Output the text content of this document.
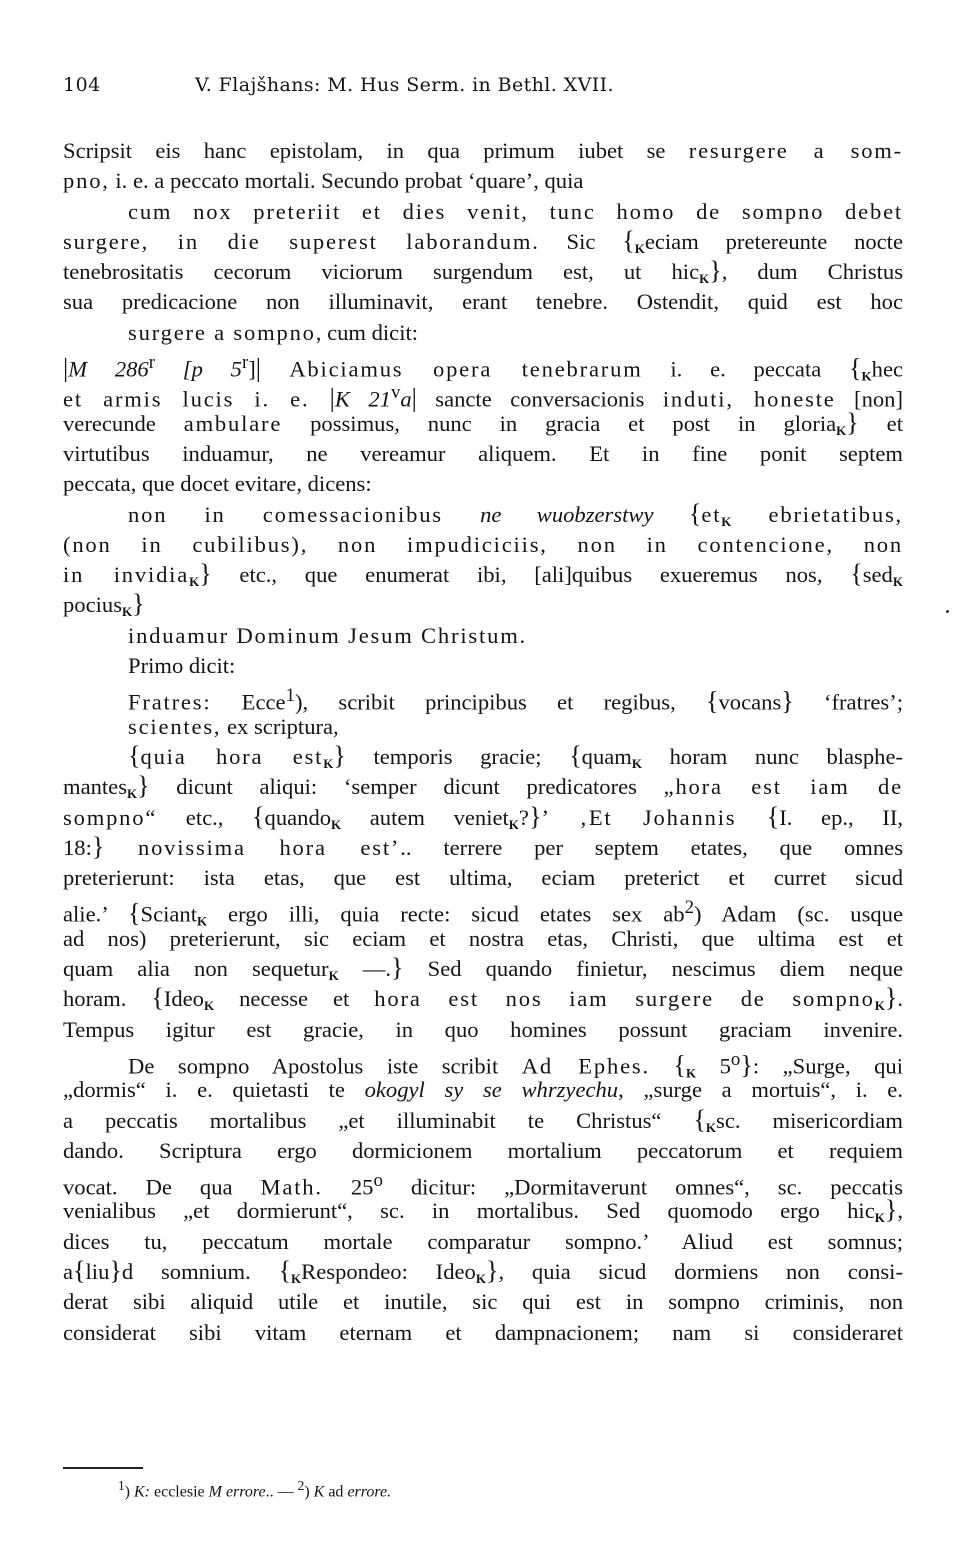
104	V. Flajšhans: M. Hus Serm. in Bethl. XVII.
Scripsit eis hanc epistolam, in qua primum iubet se resurgere a som-
pno, i. e. a peccato mortali. Secundo probat ‘quare’, quia
cum nox preteriit et dies venit, tunc homo de sompno debet
surgere, in die superest laborandum. Sic {$_Keciam$ pretereunte nocte
tenebrositatis cecorum viciorum surgendum est, ut hic$_K$}, dum Christus
sua predicacione non illuminavit, erant tenebre. Ostendit, quid est hoc
surgere a sompno, cum dicit:
|M 286$^r$ [p 5$^r$]| Abiciamus opera tenebrarum i. e. peccata {$_Khec$
et armis lucis i. e. |K 21$^v$a| sancte conversacionis induti, honeste [non]
verecunde ambulare possimus, nunc in gracia et post in gloria$_K$} et
virtutibus induamur, ne vereamur aliquem. Et in fine ponit septem
peccata, que docet evitare, dicens:
non in comessacionibus ne wuobzerstwy {$et_K$ ebrietatibus,
(non in cubilibus), non impudiciciis, non in contencione, non
in invidia$_K$} etc., que enumerat ibi, [ali]quibus exueremus nos, {sed$_K$
pocius$_K$}
induamur Dominum Jesum Christum.
Primo dicit:
Fratres: Ecce$^1$), scribit principibus et regibus, {vocans} ‘fratres’;
scientes, ex scriptura,
{quia hora est$_K$} temporis gracie; {quam$_K$ horam nunc blasphe-
mantes$_K$} dicunt aliqui: ‘semper dicunt predicatores „hora est iam de
sompno“ etc., {quando$_K$ autem veniet$_K$?}’ ‚Et Johannis {I. ep., II,
18:} novissima hora est’.. terrere per septem etates, que omnes
preterierunt: ista etas, que est ultima, eciam preterict et curret sicud
alie.’ {Sciant$_K$ ergo illi, quia recte: sicud etates sex $ab^2$) Adam (sc. usque
ad nos) preterierunt, sic eciam et nostra etas, Christi, que ultima est et
quam alia non sequetur$_K$ —.} Sed quando finietur, nescimus diem neque
horam. {Ideo$_K$ necesse et hora est nos iam surgere de sompno$_K$}.
Tempus igitur est gracie, in quo homines possunt graciam invenire.
De sompno Apostolus iste scribit Ad Ephes. {$_K$ 5$^o$}: „Surge, qui
„dormis“ i. e. quietasti te okogyl sy se whrzyechu, „surge a mortuis“, i. e.
a peccatis mortalibus „et illuminabit te Christus“ {$_Ksc$. misericordiam
dando. Scriptura ergo dormicionem mortalium peccatorum et requiem
vocat. De qua Math. 25$^o$ dicitur: „Dormitaverunt omnes“, sc. peccatis
venialibus „et dormierunt“, sc. in mortalibus. Sed quomodo ergo hic$_K$},
dices tu, peccatum mortale comparatur sompno.’ Aliud est somnus;
a{liu}d somnium. {$_KRespondeo$: Ideo$_K$}, quia sicud dormiens non consi-
derat sibi aliquid utile et inutile, sic qui est in sompno criminis, non
considerat sibi vitam eternam et dampnacionem; nam si consideraret
$^1$) K: ecclesie M errore.. — $^2$) K ad errore.
